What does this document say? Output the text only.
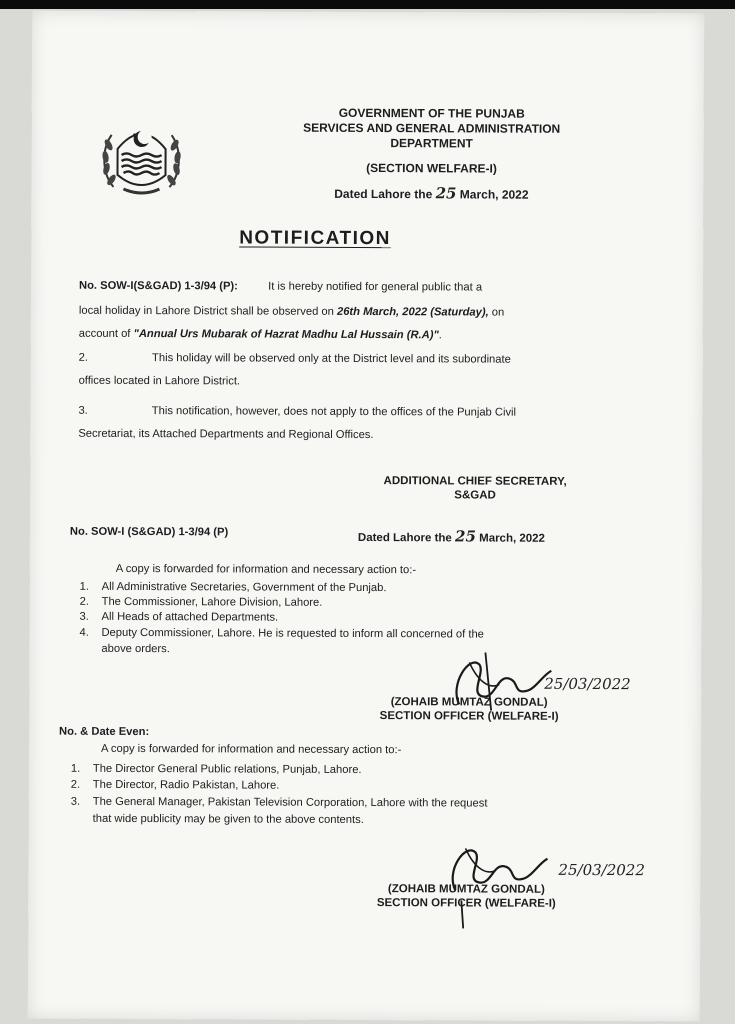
GOVERNMENT OF THE PUNJAB
SERVICES AND GENERAL ADMINISTRATION
DEPARTMENT
(SECTION WELFARE-I)
Dated Lahore the 25 March, 2022
NOTIFICATION
No. SOW-I(S&GAD) 1-3/94 (P):	It is hereby notified for general public that a
local holiday in Lahore District shall be observed on 26th March, 2022 (Saturday), on
account of "Annual Urs Mubarak of Hazrat Madhu Lal Hussain (R.A)".
2.	This holiday will be observed only at the District level and its subordinate
offices located in Lahore District.
3.	This notification, however, does not apply to the offices of the Punjab Civil
Secretariat, its Attached Departments and Regional Offices.
ADDITIONAL CHIEF SECRETARY,
S&GAD
No. SOW-I (S&GAD) 1-3/94 (P)	Dated Lahore the 25 March, 2022
A copy is forwarded for information and necessary action to:-
1. All Administrative Secretaries, Government of the Punjab.
2. The Commissioner, Lahore Division, Lahore.
3. All Heads of attached Departments.
4. Deputy Commissioner, Lahore. He is requested to inform all concerned of the
above orders.
25/03/2022
(ZOHAIB MUMTAZ GONDAL)
SECTION OFFICER (WELFARE-I)
No. & Date Even:
A copy is forwarded for information and necessary action to:-
1. The Director General Public relations, Punjab, Lahore.
2. The Director, Radio Pakistan, Lahore.
3. The General Manager, Pakistan Television Corporation, Lahore with the request
that wide publicity may be given to the above contents.
25/03/2022
(ZOHAIB MUMTAZ GONDAL)
SECTION OFFICER (WELFARE-I)
